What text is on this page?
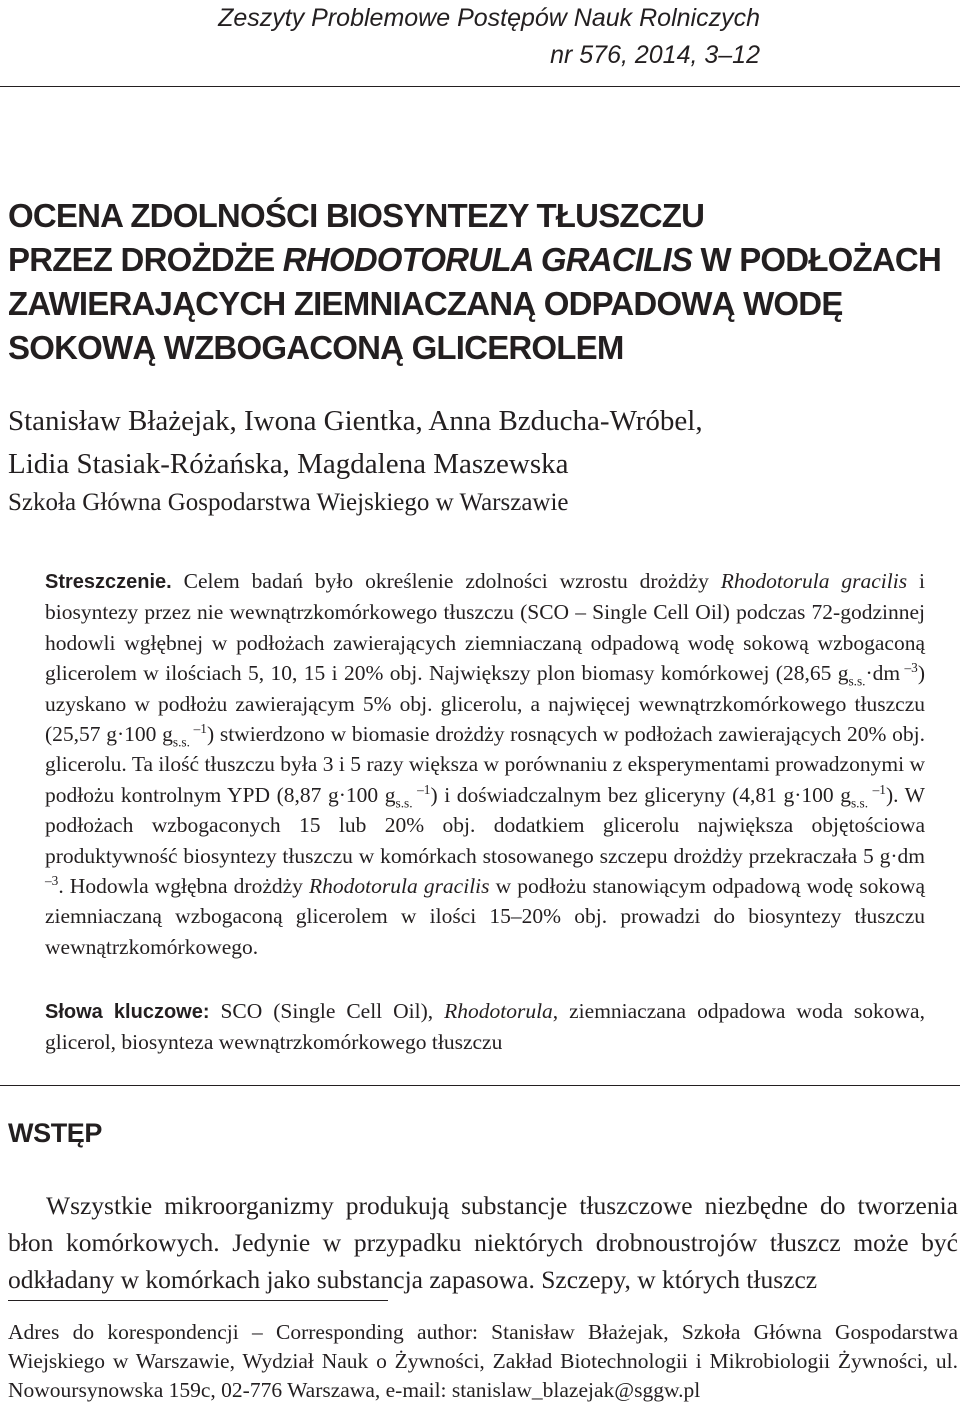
Zeszyty Problemowe Postępów Nauk Rolniczych
nr 576, 2014, 3–12
OCENA ZDOLNOŚCI BIOSYNTEZY TŁUSZCZU
PRZEZ DROŻDŻE RHODOTORULA GRACILIS W PODŁOŻACH
ZAWIERAJĄCYCH ZIEMNIACZANĄ ODPADOWĄ WODĘ
SOKOWĄ WZBOGACONĄ GLICEROLEM
Stanisław Błażejak, Iwona Gientka, Anna Bzducha-Wróbel,
Lidia Stasiak-Różańska, Magdalena Maszewska
Szkoła Główna Gospodarstwa Wiejskiego w Warszawie

Streszczenie. Celem badań było określenie zdolności wzrostu drożdży Rhodotorula gracilis i biosyntezy przez nie wewnątrzkomórkowego tłuszczu (SCO – Single Cell Oil) podczas 72-godzinnej hodowli wgłębnej w podłożach zawierających ziemniaczaną odpadową wodę sokową wzbogaconą glicerolem w ilościach 5, 10, 15 i 20% obj. Największy plon biomasy komórkowej (28,65 $g_{s.s.}\cdot dm$ $^{-3}$) uzyskano w podłożu zawierającym 5% obj. glicerolu, a najwięcej wewnątrzkomórkowego tłuszczu (25,57 g·100 $g_{s.s.}$ $^{-1}$) stwierdzono w biomasie drożdży rosnących w podłożach zawierających 20% obj. glicerolu. Ta ilość tłuszczu była 3 i 5 razy większa w porównaniu z eksperymentami prowadzonymi w podłożu kontrolnym YPD (8,87 g·100 $g_{s.s.}$ $^{-1}$) i doświadczalnym bez gliceryny (4,81 g·100 $g_{s.s.}$ $^{-1}$). W podłożach wzbogaconych 15 lub 20% obj. dodatkiem glicerolu największa objętościowa produktywność biosyntezy tłuszczu w komórkach stosowanego szczepu drożdży przekraczała 5 g·dm $^{-3}$. Hodowla wgłębna drożdży Rhodotorula gracilis w podłożu stanowiącym odpadową wodę sokową ziemniaczaną wzbogaconą glicerolem w ilości 15–20% obj. prowadzi do biosyntezy tłuszczu wewnątrzkomórkowego.

Słowa kluczowe: SCO (Single Cell Oil), Rhodotorula, ziemniaczana odpadowa woda sokowa, glicerol, biosynteza wewnątrzkomórkowego tłuszczu

WSTĘP

Wszystkie mikroorganizmy produkują substancje tłuszczowe niezbędne do tworzenia błon komórkowych. Jedynie w przypadku niektórych drobnoustrojów tłuszcz może być odkładany w komórkach jako substancja zapasowa. Szczepy, w których tłuszcz

Adres do korespondencji – Corresponding author: Stanisław Błażejak, Szkoła Główna Gospodarstwa Wiejskiego w Warszawie, Wydział Nauk o Żywności, Zakład Biotechnologii i Mikrobiologii Żywności, ul. Nowoursynowska 159c, 02-776 Warszawa, e-mail: stanislaw_blazejak@sggw.pl
